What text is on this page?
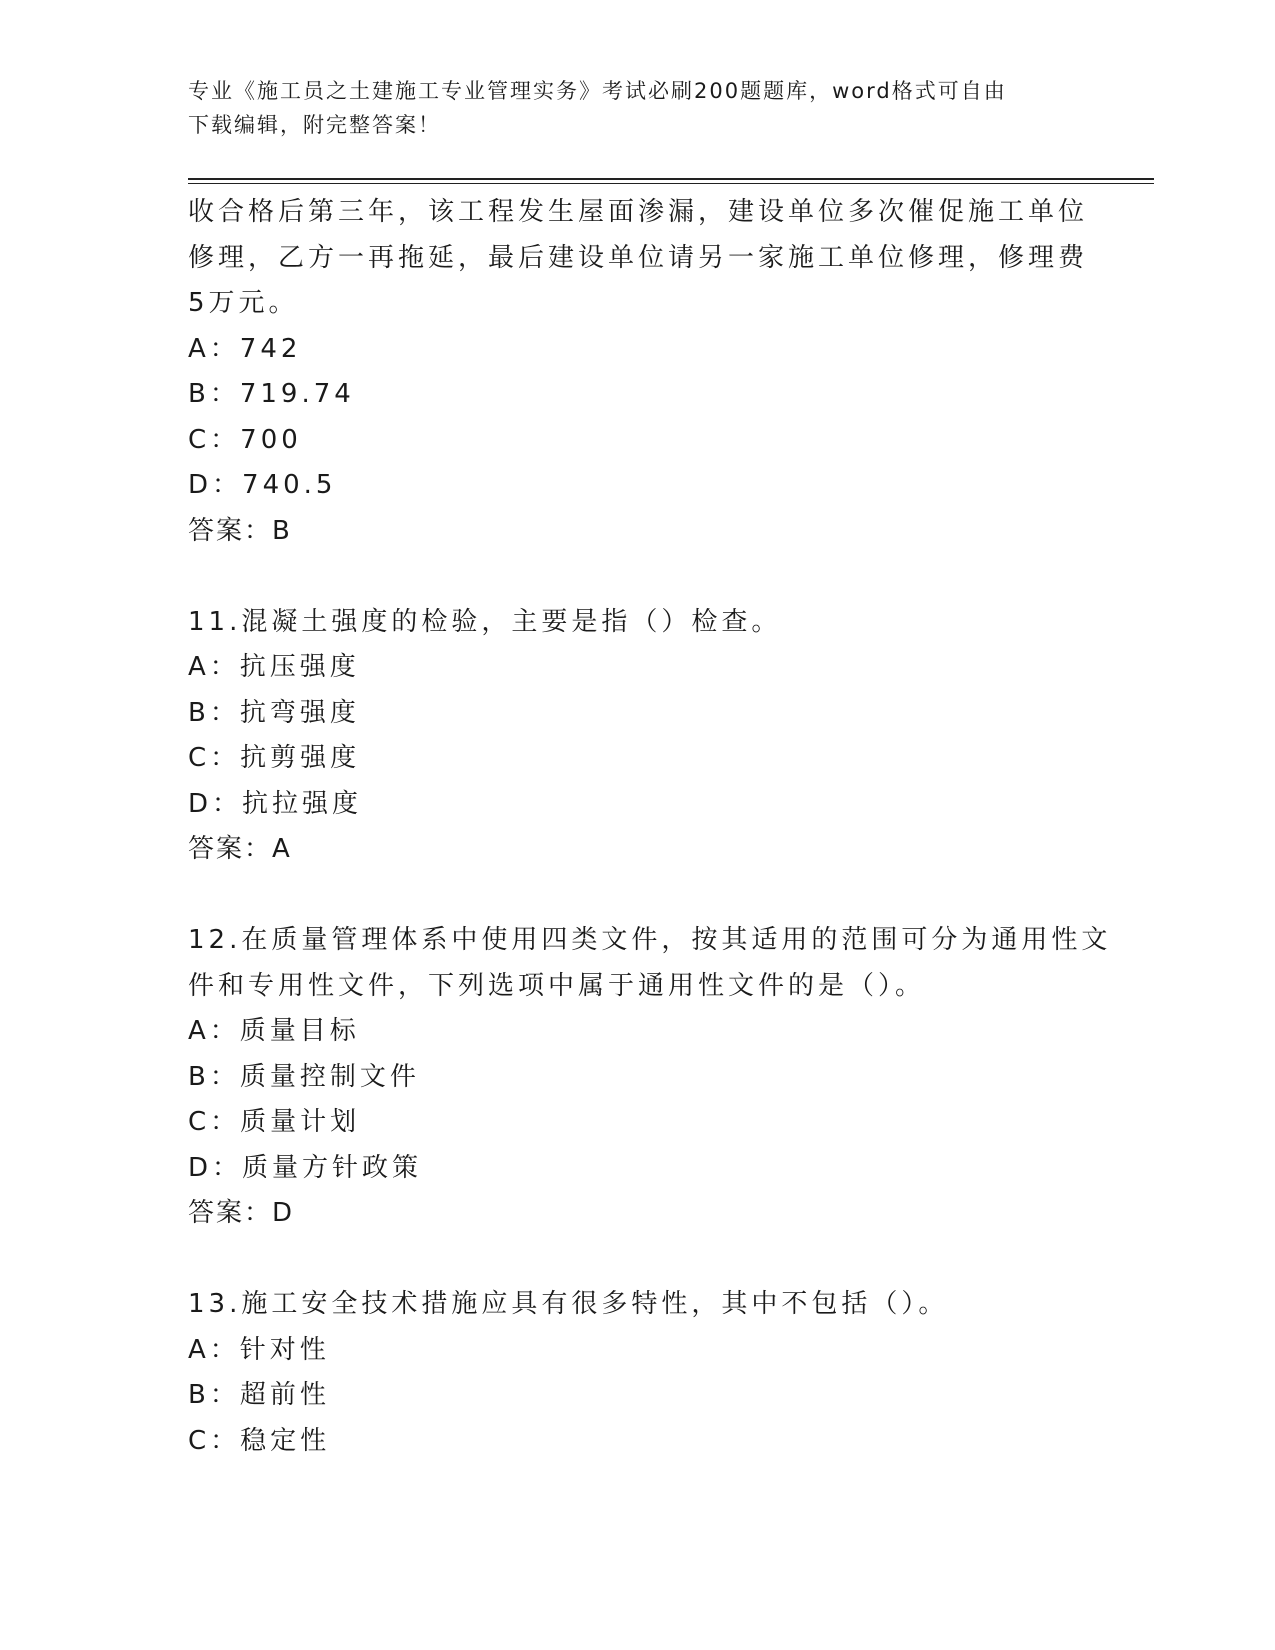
专业《施工员之土建施工专业管理实务》考试必刷200题题库，word格式可自由
下载编辑，附完整答案！
收合格后第三年，该工程发生屋面渗漏，建设单位多次催促施工单位
修理，乙方一再拖延，最后建设单位请另一家施工单位修理，修理费
5万元。
A：742
B：719.74
C：700
D：740.5
答案：B
11.混凝土强度的检验，主要是指（）检查。
A：抗压强度
B：抗弯强度
C：抗剪强度
D：抗拉强度
答案：A
12.在质量管理体系中使用四类文件，按其适用的范围可分为通用性文
件和专用性文件，下列选项中属于通用性文件的是（）。
A：质量目标
B：质量控制文件
C：质量计划
D：质量方针政策
答案：D
13.施工安全技术措施应具有很多特性，其中不包括（）。
A：针对性
B：超前性
C：稳定性
